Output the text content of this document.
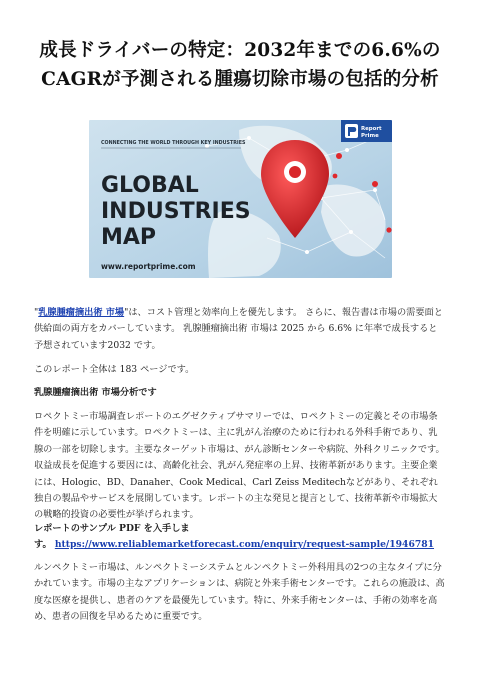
成長ドライバーの特定：2032年までの6.6%の
CAGRが予測される腫瘍切除市場の包括的分析
CONNECTING THE WORLD THROUGH KEY INDUSTRIES
GLOBAL
INDUSTRIES
MAP
www.reportprime.com
Report
Prime
"乳腺腫瘤摘出術 市場"は、コスト管理と効率向上を優先します。 さらに、報告書は市場の需要面と供給面の両方をカバーしています。 乳腺腫瘤摘出術 市場は 2025 から 6.6% に年率で成長すると予想されています2032 です。
このレポート全体は 183 ページです。
乳腺腫瘤摘出術 市場分析です
ロペクトミー市場調査レポートのエグゼクティブサマリーでは、ロペクトミーの定義とその市場条件を明確に示しています。ロペクトミーは、主に乳がん治療のために行われる外科手術であり、乳腺の一部を切除します。主要なターゲット市場は、がん診断センターや病院、外科クリニックです。収益成長を促進する要因には、高齢化社会、乳がん発症率の上昇、技術革新があります。主要企業には、Hologic、BD、Danaher、Cook Medical、Carl Zeiss Meditechなどがあり、それぞれ独自の製品やサービスを展開しています。レポートの主な発見と提言として、技術革新や市場拡大の戦略的投資の必要性が挙げられます。
レポートのサンプル PDF を入手しま
す。 https://www.reliablemarketforecast.com/enquiry/request-sample/1946781
ルンペクトミー市場は、ルンペクトミーシステムとルンペクトミー外科用具の2つの主なタイプに分かれています。市場の主なアプリケーションは、病院と外来手術センターです。これらの施設は、高度な医療を提供し、患者のケアを最優先しています。特に、外来手術センターは、手術の効率を高め、患者の回復を早めるために重要です。
